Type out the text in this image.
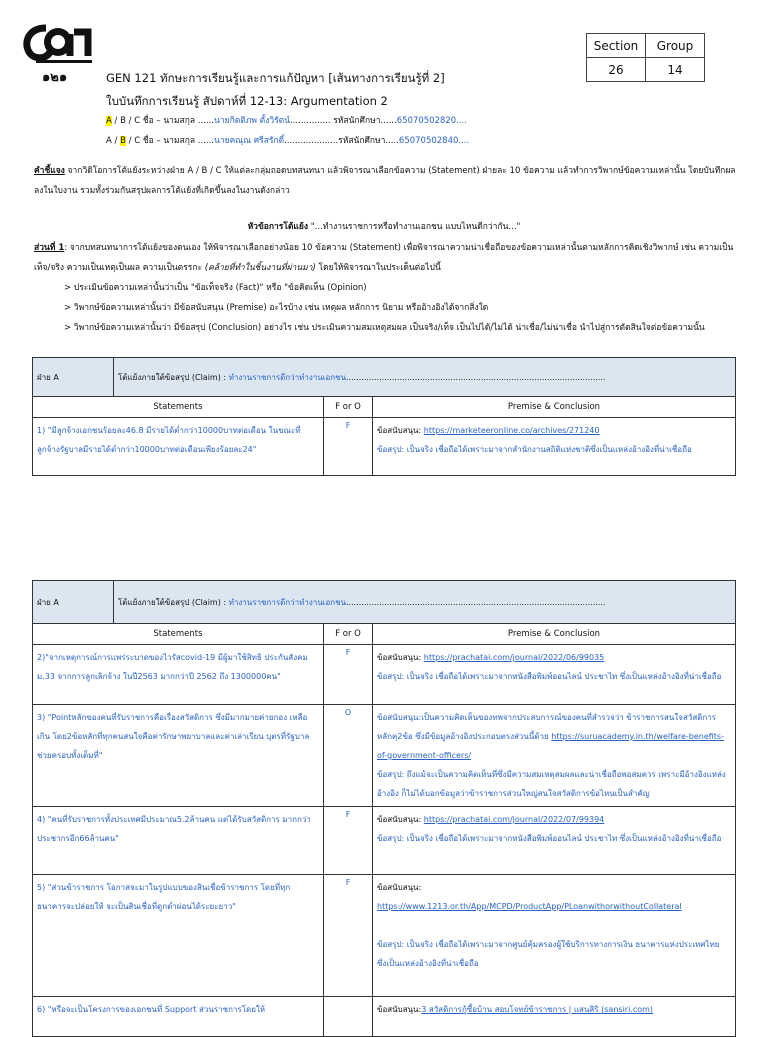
๑๒๑
Section	Group
26	14
GEN 121 ทักษะการเรียนรู้และการแก้ปัญหา [เส้นทางการเรียนรู้ที่ 2]
ใบบันทึกการเรียนรู้ สัปดาห์ที่ 12-13: Argumentation 2
A / B / C ชื่อ – นามสกุล ......นายกิตติภพ ตั้งวิรัตน์............... รหัสนักศึกษา......65070502820....
A / B / C ชื่อ – นามสกุล ......นายคณุณ ศรีสรักดิ์....................รหัสนักศึกษา.....65070502840....
คำชี้แจง จากวิดิโอการโต้แย้งระหว่างฝ่าย A / B / C ให้แต่ละกลุ่มถอดบทสนทนา แล้วพิจารณาเลือกข้อความ (Statement) ฝ่ายละ 10 ข้อความ แล้วทำการวิพากษ์ข้อความเหล่านั้น โดยบันทึกผลลงในใบงาน รวมทั้งร่วมกันสรุปผลการโต้แย้งที่เกิดขึ้นลงในงานดังกล่าว
หัวข้อการโต้แย้ง "...ทำงานราชการหรือทำงานเอกชน แบบไหนดีกว่ากัน..."
ส่วนที่ 1: จากบทสนทนาการโต้แย้งของตนเอง ให้พิจารณาเลือกอย่างน้อย 10 ข้อความ (Statement) เพื่อพิจารณาความน่าเชื่อถือของข้อความเหล่านั้นตามหลักการคิดเชิงวิพากษ์ เช่น ความเป็นเท็จ/จริง ความเป็นเหตุเป็นผล ความเป็นตรรกะ (คล้ายที่ทำในชิ้นงานที่ผ่านมา) โดยให้พิจารณาในประเด็นต่อไปนี้
> ประเมินข้อความเหล่านั้นว่าเป็น "ข้อเท็จจริง (Fact)" หรือ "ข้อคิดเห็น (Opinion)
> วิพากษ์ข้อความเหล่านั้นว่า มีข้อสนับสนุน (Premise) อะไรบ้าง เช่น เหตุผล หลักการ นิยาม หรืออ้างอิงได้จากสิ่งใด
> วิพากษ์ข้อความเหล่านั้นว่า มีข้อสรุป (Conclusion) อย่างไร เช่น ประเมินความสมเหตุสมผล เป็นจริง/เท็จ เป็นไปได้/ไม่ได้ น่าเชื่อ/ไม่น่าเชื่อ นำไปสู่การตัดสินใจต่อข้อความนั้น
ฝ่าย A	โต้แย้งภายใต้ข้อสรุป (Claim) : ทำงานราชการดีกว่าทำงานเอกชน......................................................................................................		
Statements		F or O	Premise & Conclusion
1) "มีลูกจ้างเอกชนร้อยละ46.8 มีรายได้ต่ำกว่า10000บาทต่อเดือน ในขณะที่ลูกจ้างรัฐบาลมีรายได้ต่ำกว่า10000บาทต่อเดือนเพียงร้อยละ24"		F	ข้อสนับสนุน: https://marketeeronline.co/archives/271240
ข้อสรุป: เป็นจริง เชื่อถือได้เพราะมาจากสำนักงานสถิติแห่งชาติซึ่งเป็นแหล่งอ้างอิงที่น่าเชื่อถือ
ฝ่าย A	โต้แย้งภายใต้ข้อสรุป (Claim) : ทำงานราชการดีกว่าทำงานเอกชน......................................................................................................		
Statements		F or O	Premise & Conclusion
2)"จากเหตุการณ์การแพร่ระบาดของไวรัสcovid-19 มีผู้มาใช้สิทธิ ประกันสังคมม.33 จากการลูกเลิกจ้าง ในปี2563 มากกว่าปี 2562 ถึง 1300000คน"		F	ข้อสนับสนุน: https://prachatai.com/journal/2022/06/99035
ข้อสรุป: เป็นจริง เชื่อถือได้เพราะมาจากหนังสือพิมพ์ออนไลน์ ประชาไท ซึ่งเป็นแหล่งอ้างอิงที่น่าเชื่อถือ
3) "Pointหลักของคนที่รับราชการคือเรื่องสวัสดิการ ซึ่งมีมากมายค่ายกอง เหลือเกิน โดย2ข้อหลักที่ทุกคนสนใจคือค่ารักษาพยาบาลและค่าเล่าเรียน บุตรที่รัฐบาลช่วยครอบทั้งเต็มที่"		O	ข้อสนับสนุน:เป็นความคิดเห็นของทพจากประสบการณ์ของคนที่สำรวจว่า ข้าราชการสนใจสวัสดิการหลักคุ2ข้อ ซึ่งมีข้อมูลอ้างอิงประกอบตรงส่วนนี้ด้วย https://suruacademy.in.th/welfare-benefits-of-government-officers/
ข้อสรุป: ถึงแม้จะเป็นความคิดเห็นที่ซึ่งมีความสมเหตุสมผลและน่าเชื่อถือพอสมควร เพราะมีอ้างอิงแหล่งอ้างอิง ก็ไม่ได้บอกข้อมูลว่าข้าราชการส่วนใหญ่สนใจสวัสดิการข้อไหนเป็นสำคัญ
4) "คนที่รับราชการทั้งประเทศมีประมาณ5.2ล้านคน แต่ได้รับสวัสดิการ มากกว่าประชากรอีก66ล้านคน"		F	ข้อสนับสนุน: https://prachatai.com/journal/2022/07/99394
ข้อสรุป: เป็นจริง เชื่อถือได้เพราะมาจากหนังสือพิมพ์ออนไลน์ ประชาไท ซึ่งเป็นแหล่งอ้างอิงที่น่าเชื่อถือ
5) "ส่วนข้าราชการ โอกาสจะมาในรูปแบบของสินเชื่อข้าราชการ โดยที่ทุก ธนาคารจะปล่อยให้ จะเป็นสินเชื่อที่ดูกต่ำผ่อนได้ระยะยาว"		F	ข้อสนับสนุน:
https://www.1213.or.th/App/MCPD/ProductApp/PLoanwithorwithoutCollateral

ข้อสรุป: เป็นจริง เชื่อถือได้เพราะมาจากศูนย์คุ้มครองผู้ใช้บริการทางการเงิน ธนาคารแห่งประเทศไทย ซึ่งเป็นแหล่งอ้างอิงที่น่าเชื่อถือ
6) "หรือจะเป็นโครงการของเอกชนที่ Support ส่วนราชการโดยให้			ข้อสนับสนุน:3 สวัสดิการกู้ซื้อบ้าน สอบโจทย์ข้าราชการ | แสนสิริ (sansiri.com)
